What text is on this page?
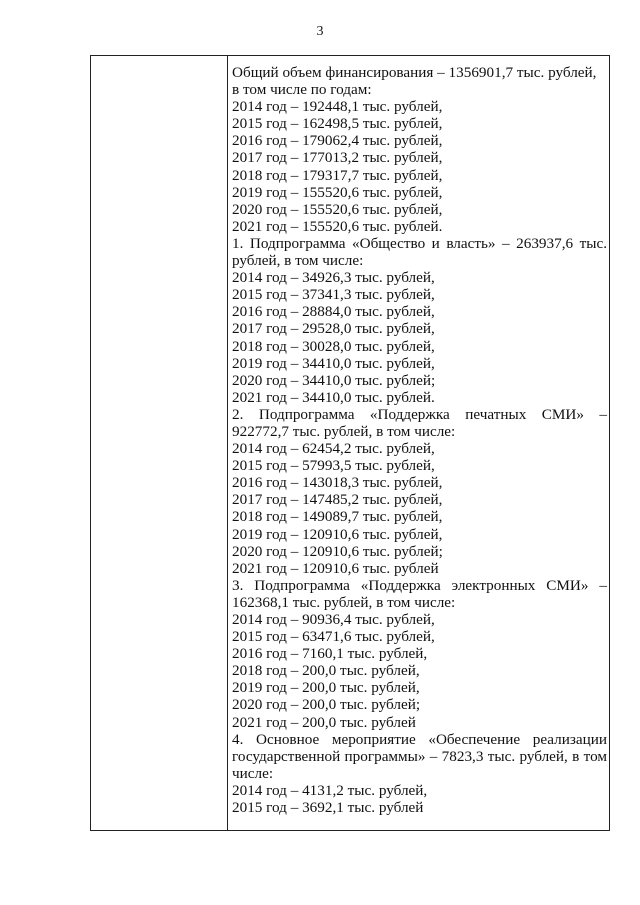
3
Общий объем финансирования – 1356901,7 тыс. рублей,
в том числе по годам:
2014 год – 192448,1 тыс. рублей,
2015 год – 162498,5 тыс. рублей,
2016 год – 179062,4 тыс. рублей,
2017 год – 177013,2 тыс. рублей,
2018 год – 179317,7 тыс. рублей,
2019 год – 155520,6 тыс. рублей,
2020 год – 155520,6 тыс. рублей,
2021 год – 155520,6 тыс. рублей.
1. Подпрограмма «Общество и власть» – 263937,6 тыс.
рублей, в том числе:
2014 год – 34926,3 тыс. рублей,
2015 год – 37341,3 тыс. рублей,
2016 год – 28884,0 тыс. рублей,
2017 год – 29528,0 тыс. рублей,
2018 год – 30028,0 тыс. рублей,
2019 год – 34410,0 тыс. рублей,
2020 год – 34410,0 тыс. рублей;
2021 год – 34410,0 тыс. рублей.
2. Подпрограмма «Поддержка печатных СМИ» –
922772,7 тыс. рублей, в том числе:
2014 год – 62454,2 тыс. рублей,
2015 год – 57993,5 тыс. рублей,
2016 год – 143018,3 тыс. рублей,
2017 год – 147485,2 тыс. рублей,
2018 год – 149089,7 тыс. рублей,
2019 год – 120910,6 тыс. рублей,
2020 год – 120910,6 тыс. рублей;
2021 год – 120910,6 тыс. рублей
3. Подпрограмма «Поддержка электронных СМИ» –
162368,1 тыс. рублей, в том числе:
2014 год – 90936,4 тыс. рублей,
2015 год – 63471,6 тыс. рублей,
2016 год – 7160,1 тыс. рублей,
2018 год – 200,0 тыс. рублей,
2019 год – 200,0 тыс. рублей,
2020 год – 200,0 тыс. рублей;
2021 год – 200,0 тыс. рублей
4. Основное мероприятие «Обеспечение реализации
государственной программы» – 7823,3 тыс. рублей, в том
числе:
2014 год – 4131,2 тыс. рублей,
2015 год – 3692,1 тыс. рублей
